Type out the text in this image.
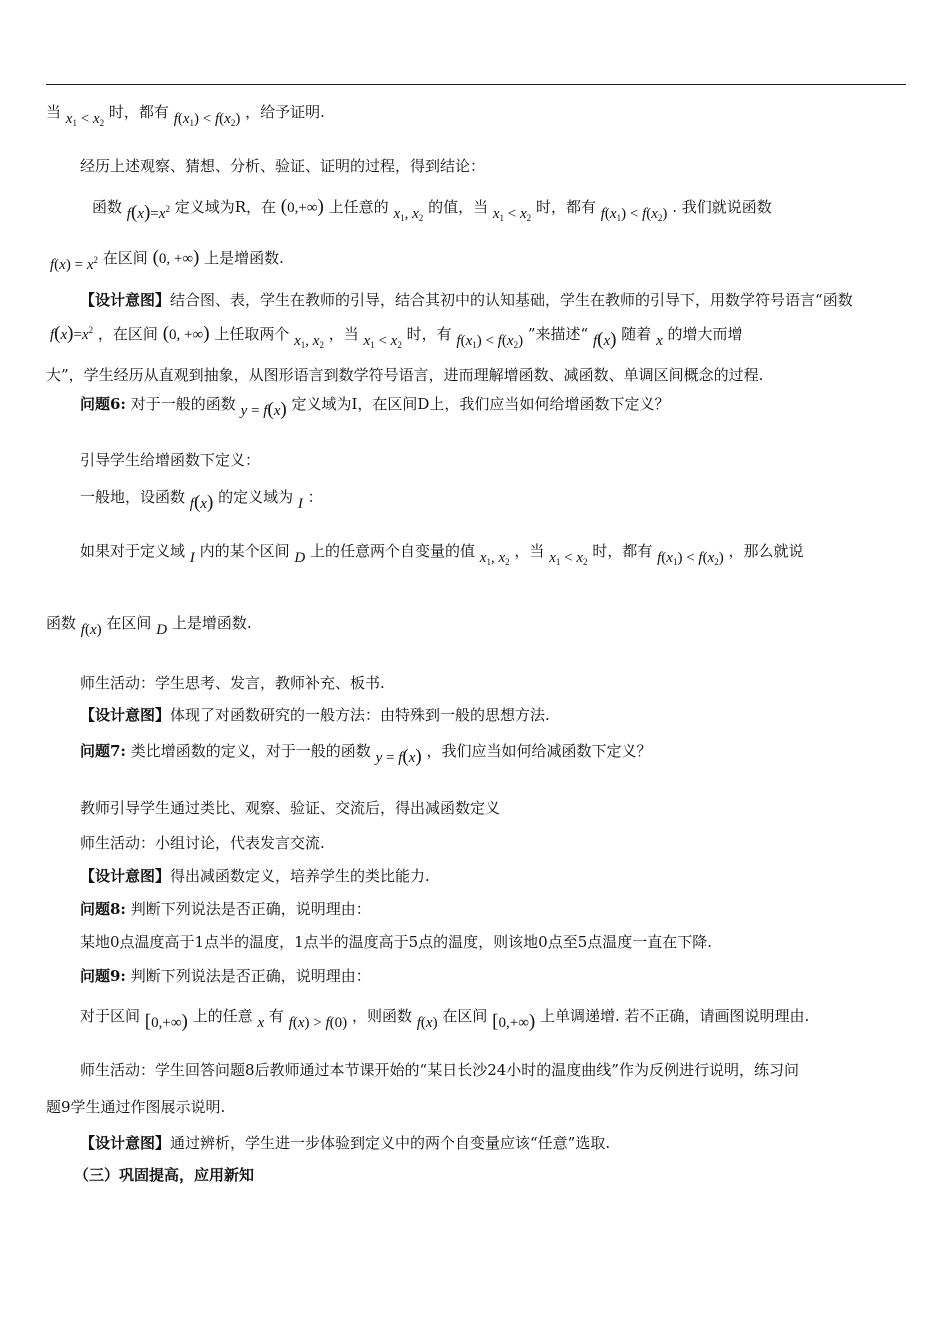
当 $x_1 < x_2$ 时，都有 $f(x_1) < f(x_2)$ ，给予证明.
经历上述观察、猜想、分析、验证、证明的过程，得到结论：
函数 $f(x)=x^2$ 定义域为R，在 (0,+∞) 上任意的 $x_1$, $x_2$ 的值，当 $x_1 < x_2$ 时，都有 $f(x_1) < f(x_2)$ . 我们就说函数
$f(x) = x^2$ 在区间 (0, +∞) 上是增函数.
【设计意图】结合图、表，学生在教师的引导，结合其初中的认知基础，学生在教师的引导下，用数学符号语言“函数
$f(x)=x^2$ ，在区间 (0, +∞) 上任取两个 $x_1$, $x_2$ ，当 $x_1 < x_2$ 时，有 $f(x_1) < f(x_2)$ ”来描述“ f(x) 随着 x 的增大而增
大”，学生经历从直观到抽象，从图形语言到数学符号语言，进而理解增函数、减函数、单调区间概念的过程.
问题6: 对于一般的函数 y = f(x) 定义域为I，在区间D上，我们应当如何给增函数下定义？
引导学生给增函数下定义：
一般地，设函数 f(x) 的定义域为 I ：
如果对于定义域 I 内的某个区间 D 上的任意两个自变量的值 $x_1$, $x_2$ ，当 $x_1 < x_2$ 时，都有 $f(x_1) < f(x_2)$ ，那么就说
函数 f(x) 在区间 D 上是增函数.
师生活动：学生思考、发言，教师补充、板书.
【设计意图】体现了对函数研究的一般方法：由特殊到一般的思想方法.
问题7: 类比增函数的定义，对于一般的函数 y = f(x) ，我们应当如何给减函数下定义？
教师引导学生通过类比、观察、验证、交流后，得出减函数定义
师生活动：小组讨论，代表发言交流.
【设计意图】得出减函数定义，培养学生的类比能力.
问题8: 判断下列说法是否正确，说明理由：
某地0点温度高于1点半的温度，1点半的温度高于5点的温度，则该地0点至5点温度一直在下降.
问题9: 判断下列说法是否正确，说明理由：
对于区间 [0,+∞) 上的任意 x 有 f(x) > f(0) ，则函数 f(x) 在区间 [0,+∞) 上单调递增. 若不正确，请画图说明理由.
师生活动：学生回答问题8后教师通过本节课开始的“某日长沙24小时的温度曲线”作为反例进行说明，练习问
题9学生通过作图展示说明.
【设计意图】通过辨析，学生进一步体验到定义中的两个自变量应该“任意”选取.
（三）巩固提高，应用新知
